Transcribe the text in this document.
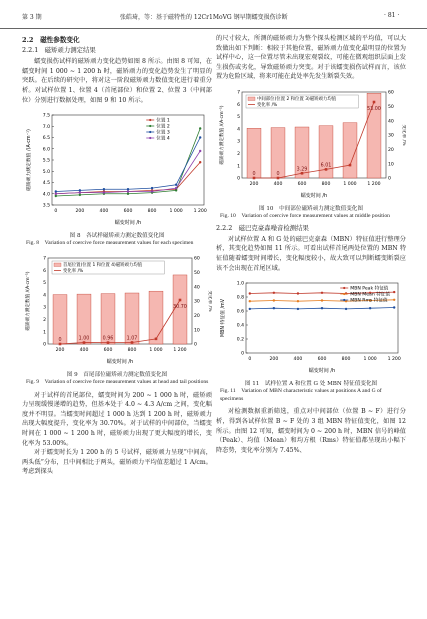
第 3 期	张皓琦，等：基于磁特性的 12Cr1MoVG 钢早期蠕变损伤诊断	· 81 ·
2.2　磁性参数变化
2.2.1　磁矫顽力测定结果

蠕变损伤试样的磁矫顽力变化趋势如图 8 所示。由图 8 可知，在蠕变时间 1 000 ~ 1 200 h 时，磁矫顽力的变化趋势发生了明显的突跃。在后续的研究中，将对这一阶段磁矫顽力数值变化进行着重分析。对试样位置 1、位置 4（首尾部位）和位置 2、位置 3（中间部位）分别进行数据处理，如图 9 和 10 所示。

3.5
4.0
4.5
5.0
5.5
6.0
6.5
7.0
7.5
0	200	400	600	800	1 000 1 200
蠕变时间 /h
磁矫顽力测定数值 /(A·cm⁻¹)
位置 1
位置 2
位置 3
位置 4

图 8　各试样磁矫顽力测定数值变化图

Fig. 8　Variation of coercive force measurement values for each specimen

0
1
2
3
4
5
6
7
0
10
20
30
40
50
60
200	400	600	800	1 000 1 200
0	1.00	0.96	1.07
30.70
蠕变时间 /h
磁矫顽力测定数值 /(A·cm⁻¹)	变化率 /%
首尾位置(位置 1 和位置 4)磁矫顽力均值
变化率 /%

图 9　首尾部位磁矫顽力测定数值变化图

Fig. 9　Variation of coercive force measurement values at head and tail positions

对于试样的首尾部位，蠕变时间为 200 ~ 1 000 h 时，磁矫顽力呈现缓慢递增的趋势，但基本处于 4.0 ~ 4.3 A/cm 之间，变化幅度并不明显。当蠕变时间超过 1 000 h 达到 1 200 h 时，磁矫顽力出现大幅度提升，变化率为 30.70%。对于试样的中间部位，当蠕变时间在 1 000 ~ 1 200 h 时，磁矫顽力出现了更大幅度的增长，变化率为 53.00%。

对于蠕变时长为 1 200 h 的 5 号试样，磁矫顽力呈现“中间高，两头低”分布，且中间相比于两头，磁矫顽力平均值差超过 1 A/cm。考虑到探头

的尺寸较大，所测的磁矫顽力为整个探头检测区域的平均值，可以大致做出如下判断：相较于其他位置，磁矫顽力值变化最明显的位置为试样中心，这一位置尽管未出现宏观裂纹，可能在微观组织层面上发生损伤或劣化，导致磁矫顽力突变。对于该蠕变损伤试样而言，该位置为危险区域，将来可能在此处率先发生断裂失效。

0
1
2
3
4
5
6
7
0
10
20
30
40
50
60
200	400	600	800	1 000 1 200
0	0
3.29
6.01
53.00
蠕变时间 /h
磁矫顽力测定数值 /(A·cm⁻¹)	变化率 /%
中间部位(位置 2 和位置 3)磁矫顽力均值
变化率 /%

图 10　中间部位磁矫顽力测定数值变化图

Fig. 10　Variation of coercive force measurement values at middle position

2.2.2　磁巴克豪森噪音检测结果

对试样位置 A 和 G 处的磁巴克豪森（MBN）特征值进行整理分析，其变化趋势如图 11 所示。可看出试样首尾两处位置的 MBN 特征值随着蠕变时间增长，变化幅度较小，故大致可以判断蠕变断裂应该不会出现在首尾区域。

0
0.2
0.4
0.6
0.8
1.0
0	200	400	600	800	1 000 1 200
蠕变时间 /h
MBN 特征值 /mV
MBN Peak 特征值
MBN Mean 特征值
MBN Rms 特征值

图 11　试样位置 A 和位置 G 处 MBN 特征值变化图

Fig. 11　Variation of MBN characteristic values at positions A and G of specimens

对检测数据重新筛选，重点对中间部位（位置 B ~ F）进行分析，得到各试样位置 B ~ F 处的 3 组 MBN 特征值变化，如图 12 所示。由图 12 可知，蠕变时间为 0 ~ 200 h 时，MBN 信号的峰值（Peak）、均值（Mean）和均方根（Rms）特征值都呈现出小幅下降态势，变化率分别为 7.45%、
